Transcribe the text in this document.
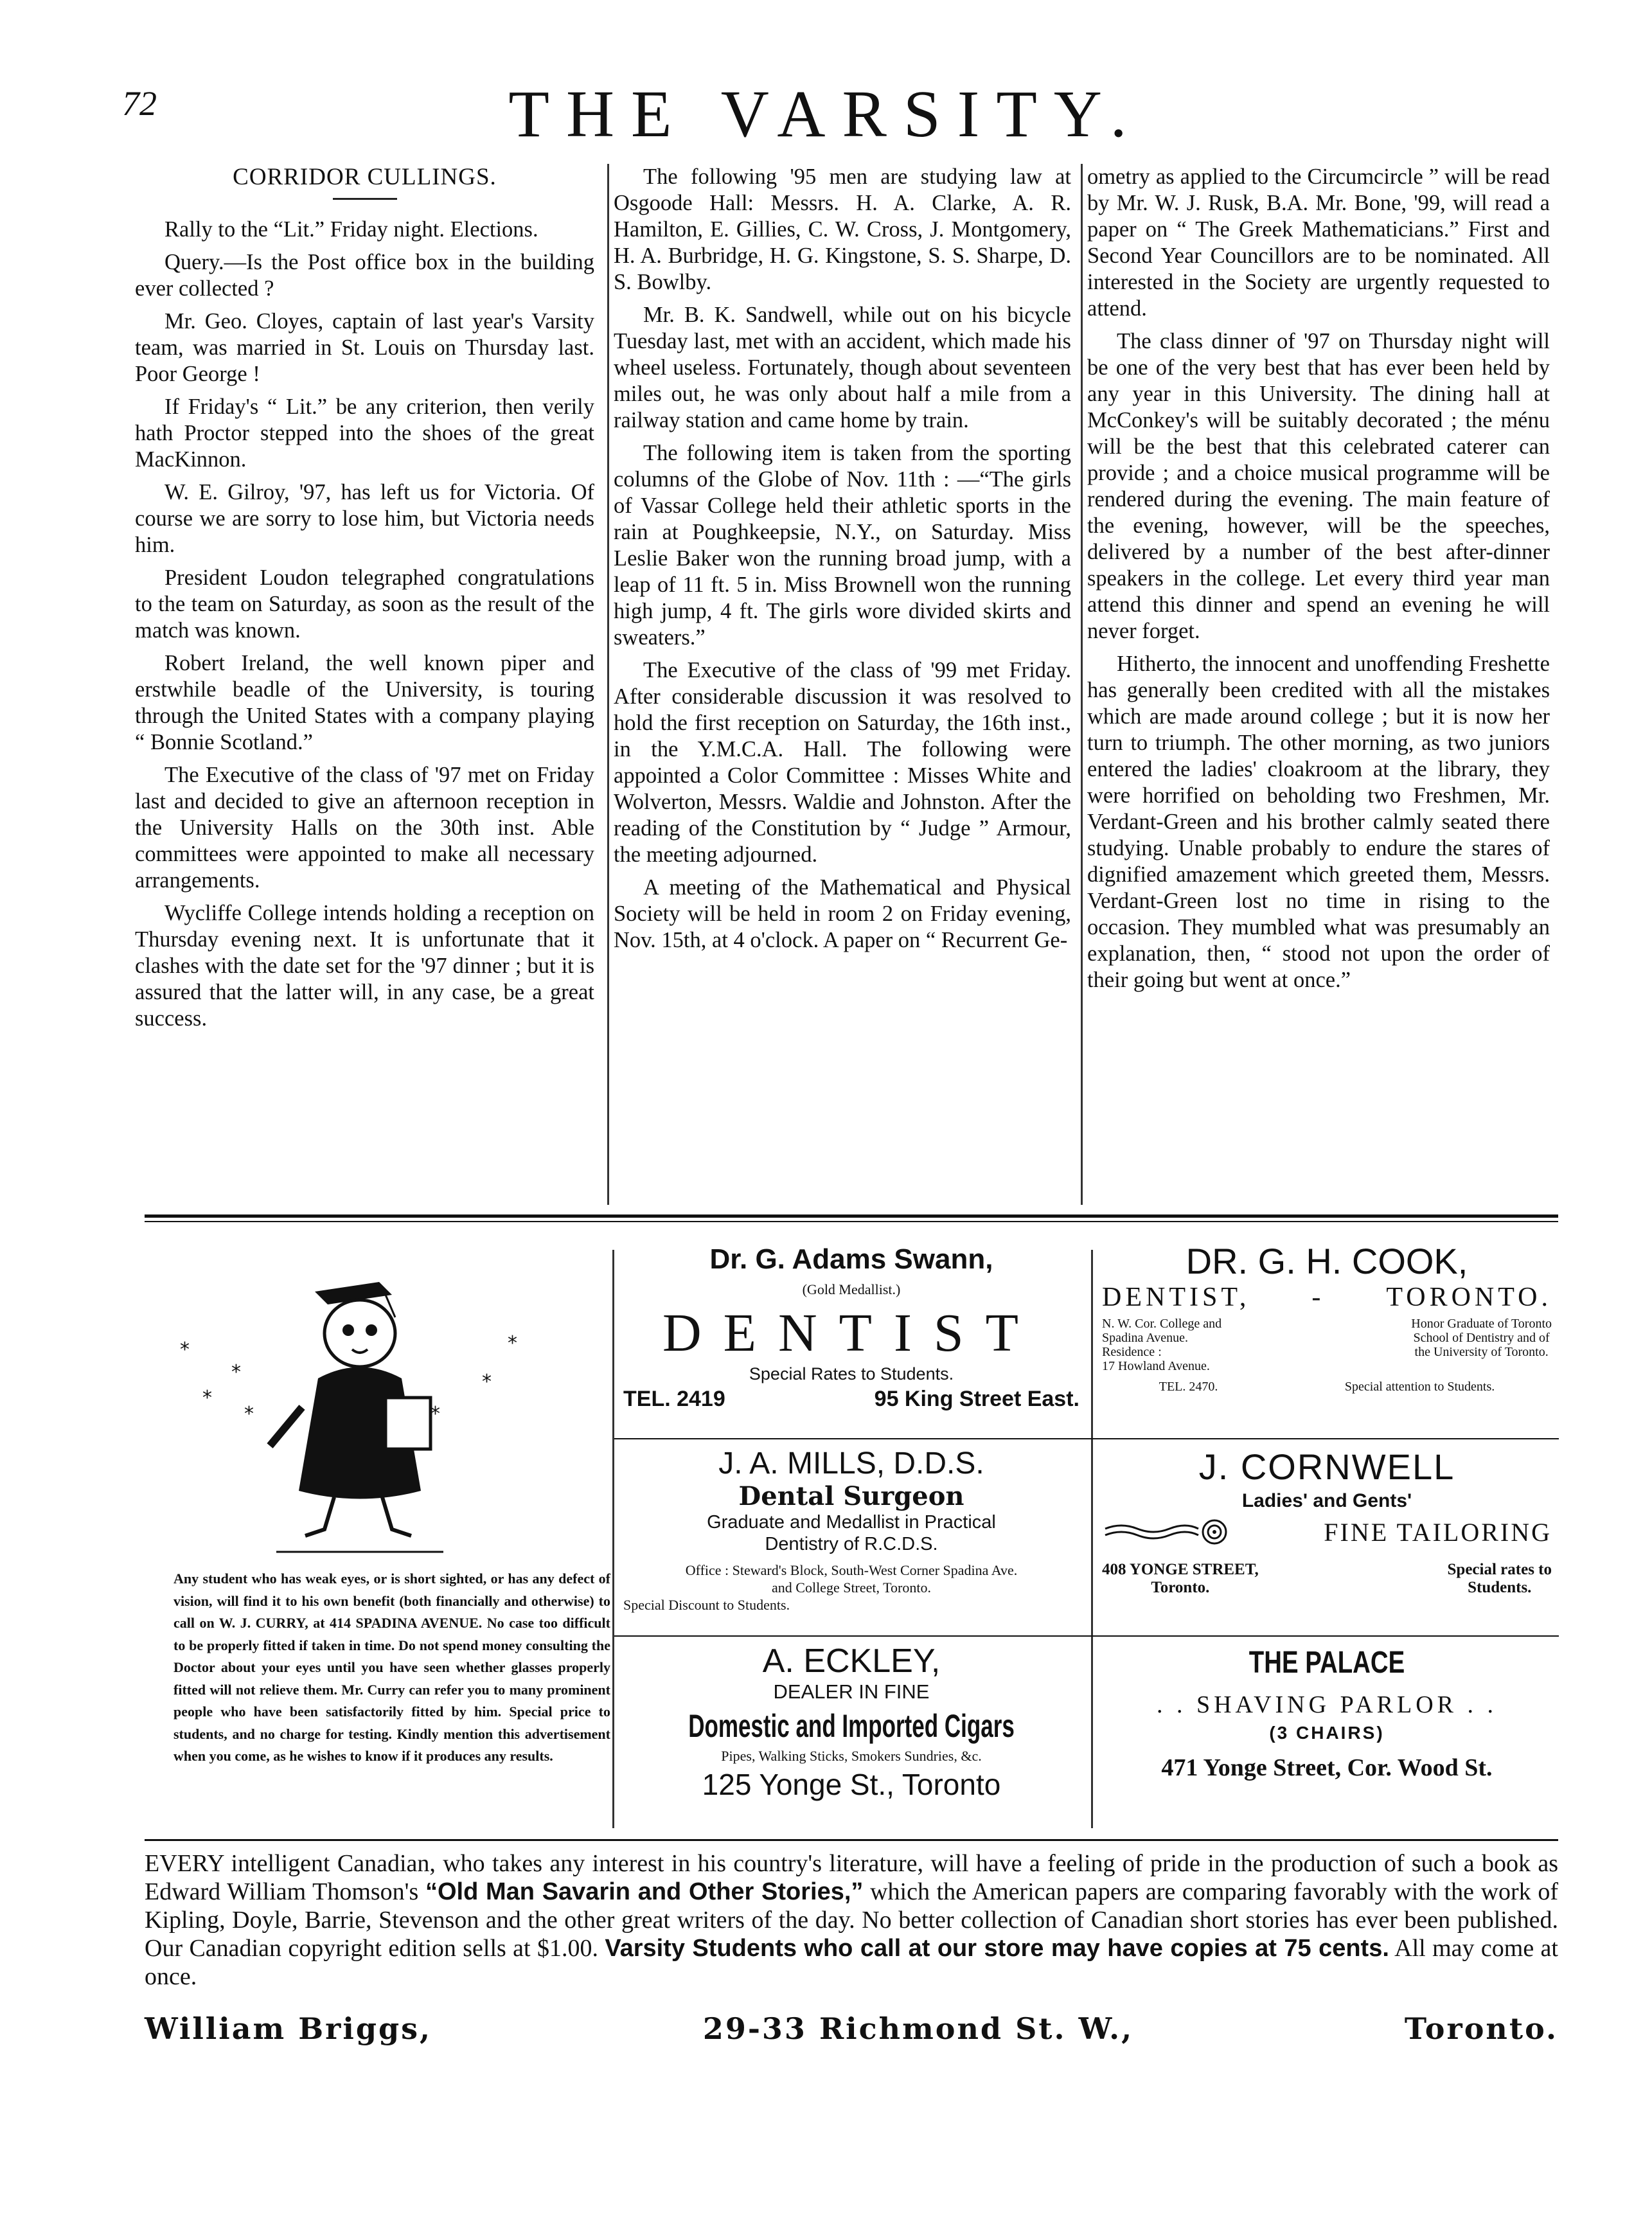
72	THE VARSITY.
CORRIDOR CULLINGS.

Rally to the “Lit.” Friday night. Elections.

Query.—Is the Post office box in the building ever collected ?

Mr. Geo. Cloyes, captain of last year's Varsity team, was married in St. Louis on Thursday last. Poor George !

If Friday's “ Lit.” be any criterion, then verily hath Proctor stepped into the shoes of the great MacKinnon.

W. E. Gilroy, '97, has left us for Victoria. Of course we are sorry to lose him, but Victoria needs him.

President Loudon telegraphed congratulations to the team on Saturday, as soon as the result of the match was known.

Robert Ireland, the well known piper and erstwhile beadle of the University, is touring through the United States with a company playing “ Bonnie Scotland.”

The Executive of the class of '97 met on Friday last and decided to give an afternoon reception in the University Halls on the 30th inst. Able committees were appointed to make all necessary arrangements.

Wycliffe College intends holding a reception on Thursday evening next. It is unfortunate that it clashes with the date set for the '97 dinner ; but it is assured that the latter will, in any case, be a great success.

The following '95 men are studying law at Osgoode Hall: Messrs. H. A. Clarke, A. R. Hamilton, E. Gillies, C. W. Cross, J. Montgomery, H. A. Burbridge, H. G. Kingstone, S. S. Sharpe, D. S. Bowlby.

Mr. B. K. Sandwell, while out on his bicycle Tuesday last, met with an accident, which made his wheel useless. Fortunately, though about seventeen miles out, he was only about half a mile from a railway station and came home by train.

The following item is taken from the sporting columns of the Globe of Nov. 11th : —“The girls of Vassar College held their athletic sports in the rain at Poughkeepsie, N.Y., on Saturday. Miss Leslie Baker won the running broad jump, with a leap of 11 ft. 5 in. Miss Brownell won the running high jump, 4 ft. The girls wore divided skirts and sweaters.”

The Executive of the class of '99 met Friday. After considerable discussion it was resolved to hold the first reception on Saturday, the 16th inst., in the Y.M.C.A. Hall. The following were appointed a Color Committee : Misses White and Wolverton, Messrs. Waldie and Johnston. After the reading of the Constitution by “ Judge ” Armour, the meeting adjourned.

A meeting of the Mathematical and Physical Society will be held in room 2 on Friday evening, Nov. 15th, at 4 o'clock. A paper on “ Recurrent Ge-

ometry as applied to the Circumcircle ” will be read by Mr. W. J. Rusk, B.A. Mr. Bone, '99, will read a paper on “ The Greek Mathematicians.” First and Second Year Councillors are to be nominated. All interested in the Society are urgently requested to attend.

The class dinner of '97 on Thursday night will be one of the very best that has ever been held by any year in this University. The dining hall at McConkey's will be suitably decorated ; the ménu will be the best that this celebrated caterer can provide ; and a choice musical programme will be rendered during the evening. The main feature of the evening, however, will be the speeches, delivered by a number of the best after-dinner speakers in the college. Let every third year man attend this dinner and spend an evening he will never forget.

Hitherto, the innocent and unoffending Freshette has generally been credited with all the mistakes which are made around college ; but it is now her turn to triumph. The other morning, as two juniors entered the ladies' cloakroom at the library, they were horrified on beholding two Freshmen, Mr. Verdant-Green and his brother calmly seated there studying. Unable probably to endure the stares of dignified amazement which greeted them, Messrs. Verdant-Green lost no time in rising to the occasion. They mumbled what was presumably an explanation, then, “ stood not upon the order of their going but went at once.”

*
*
*
*
*
*
*
Any student who has weak eyes, or is short sighted, or has any defect of vision, will find it to his own benefit (both financially and otherwise) to call on W. J. CURRY, at 414 SPADINA AVENUE. No case too difficult to be properly fitted if taken in time. Do not spend money consulting the Doctor about your eyes until you have seen whether glasses properly fitted will not relieve them. Mr. Curry can refer you to many prominent people who have been satisfactorily fitted by him. Special price to students, and no charge for testing. Kindly mention this advertisement when you come, as he wishes to know if it produces any results.
Dr. G. Adams Swann,
(Gold Medallist.)
DENTIST
Special Rates to Students.
TEL. 2419	95 King Street East.
DR. G. H. COOK,
DENTIST, - TORONTO.
N. W. Cor. College and
Spadina Avenue.
Residence :
17 Howland Avenue.
Honor Graduate of Toronto
School of Dentistry and of
the University of Toronto.
TEL. 2470.	Special attention to Students.
J. A. MILLS, D.D.S.
Dental Surgeon
Graduate and Medallist in Practical
Dentistry of R.C.D.S.
Office : Steward's Block, South-West Corner Spadina Ave.
and College Street, Toronto.
Special Discount to Students.
J. CORNWELL
Ladies' and Gents'
FINE TAILORING
408 YONGE STREET,
Toronto.
Special rates to
Students.
A. ECKLEY,
DEALER IN FINE
Domestic and Imported Cigars
Pipes, Walking Sticks, Smokers Sundries, &c.
125 Yonge St., Toronto
THE PALACE
. . SHAVING PARLOR . .
(3 CHAIRS)
471 Yonge Street, Cor. Wood St.

EVERY intelligent Canadian, who takes any interest in his country's literature, will have a feeling of pride in the production of such a book as Edward William Thomson's “Old Man Savarin and Other Stories,” which the American papers are comparing favorably with the work of Kipling, Doyle, Barrie, Stevenson and the other great writers of the day. No better collection of Canadian short stories has ever been published. Our Canadian copyright edition sells at $1.00. Varsity Students who call at our store may have copies at 75 cents. All may come at once.

William Briggs,	29-33 Richmond St. W.,	Toronto.
